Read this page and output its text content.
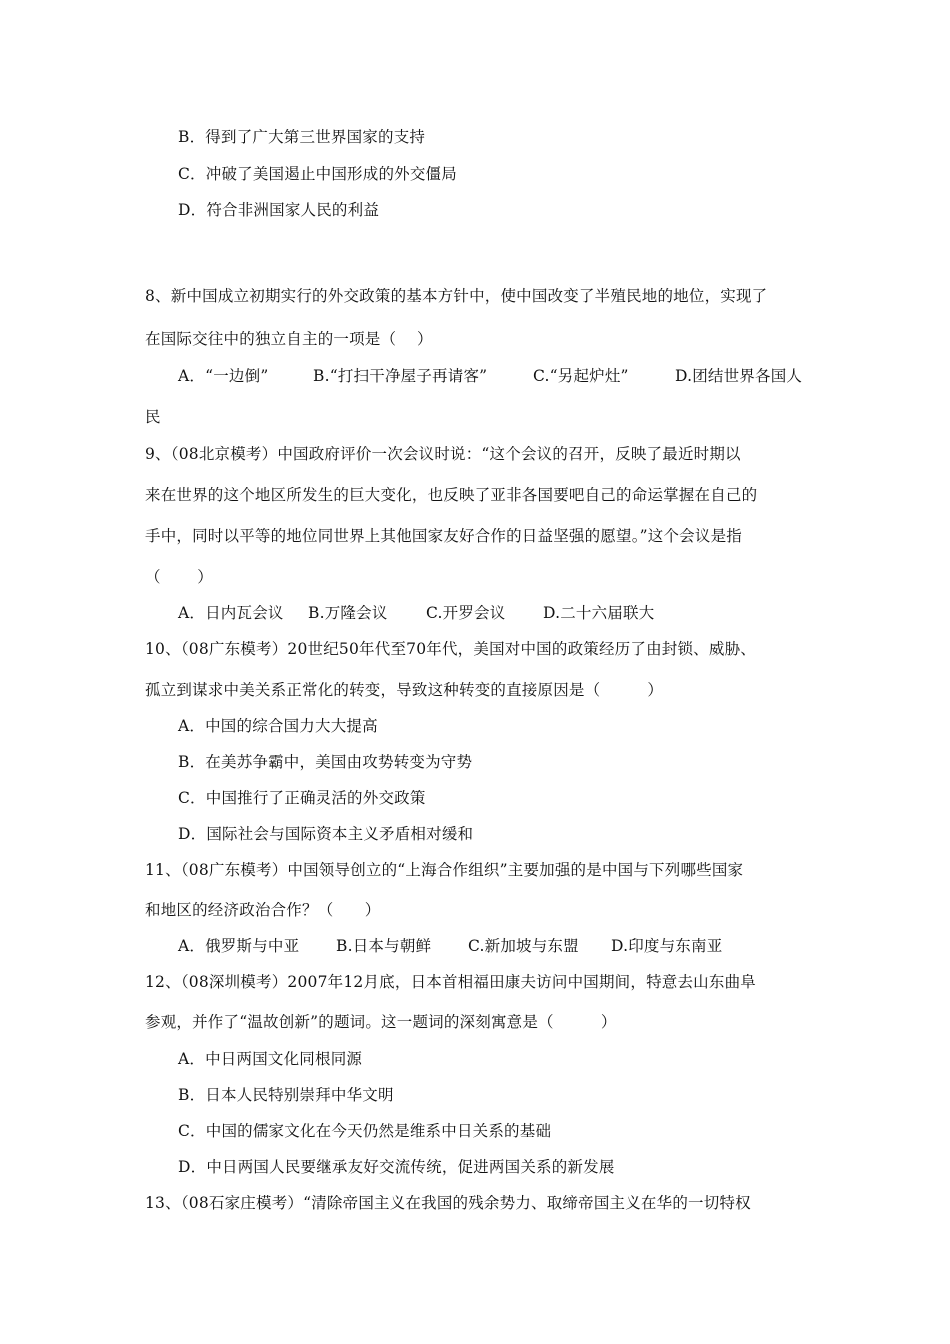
B．得到了广大第三世界国家的支持
C．冲破了美国遏止中国形成的外交僵局
D．符合非洲国家人民的利益
8、新中国成立初期实行的外交政策的基本方针中，使中国改变了半殖民地的地位，实现了
在国际交往中的独立自主的一项是（　 ）
A．“一边倒”	B.“打扫干净屋子再请客”	C.“另起炉灶”	D.团结世界各国人
民
9、（08北京模考）中国政府评价一次会议时说：“这个会议的召开，反映了最近时期以
来在世界的这个地区所发生的巨大变化，也反映了亚非各国要吧自己的命运掌握在自己的
手中，同时以平等的地位同世界上其他国家友好合作的日益坚强的愿望。”这个会议是指
（　　 ）
A．日内瓦会议 B.万隆会议 C.开罗会议 D.二十六届联大
10、（08广东模考）20世纪50年代至70年代，美国对中国的政策经历了由封锁、威胁、
孤立到谋求中美关系正常化的转变，导致这种转变的直接原因是（　　　）
A．中国的综合国力大大提高
B．在美苏争霸中，美国由攻势转变为守势
C．中国推行了正确灵活的外交政策
D．国际社会与国际资本主义矛盾相对缓和
11、（08广东模考）中国领导创立的“上海合作组织”主要加强的是中国与下列哪些国家
和地区的经济政治合作？（　　）
A．俄罗斯与中亚 B.日本与朝鲜 C.新加坡与东盟 D.印度与东南亚
12、（08深圳模考）2007年12月底，日本首相福田康夫访问中国期间，特意去山东曲阜
参观，并作了“温故创新”的题词。这一题词的深刻寓意是（　　　）
A．中日两国文化同根同源
B．日本人民特别崇拜中华文明
C．中国的儒家文化在今天仍然是维系中日关系的基础
D．中日两国人民要继承友好交流传统，促进两国关系的新发展
13、（08石家庄模考）“清除帝国主义在我国的残余势力、取缔帝国主义在华的一切特权
